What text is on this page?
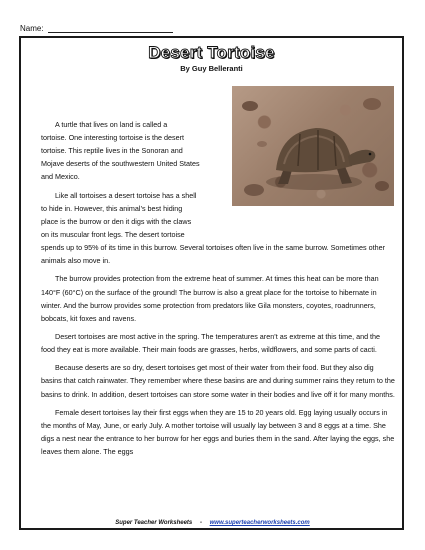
Name:
Desert Tortoise
By Guy Belleranti

A turtle that lives on land is called a
tortoise. One interesting tortoise is the desert
tortoise. This reptile lives in the Sonoran and
Mojave deserts of the southwestern United States
and Mexico.

Like all tortoises a desert tortoise has a shell
to hide in. However, this animal’s best hiding
place is the burrow or den it digs with the claws
on its muscular front legs. The desert tortoise
spends up to 95% of its time in this burrow. Several tortoises often live in the same burrow. Sometimes other animals also move in.

The burrow provides protection from the extreme heat of summer. At times this heat can be more than 140°F (60°C) on the surface of the ground! The burrow is also a great place for the tortoise to hibernate in winter. And the burrow provides some protection from predators like Gila monsters, coyotes, roadrunners, bobcats, kit foxes and ravens.

Desert tortoises are most active in the spring. The temperatures aren’t as extreme at this time, and the food they eat is more available. Their main foods are grasses, herbs, wildflowers, and some parts of cacti.

Because deserts are so dry, desert tortoises get most of their water from their food. But they also dig basins that catch rainwater. They remember where these basins are and during summer rains they return to the basins to drink. In addition, desert tortoises can store some water in their bodies and live off it for many months.

Female desert tortoises lay their first eggs when they are 15 to 20 years old. Egg laying usually occurs in the months of May, June, or early July. A mother tortoise will usually lay between 3 and 8 eggs at a time. She digs a nest near the entrance to her burrow for her eggs and buries them in the sand. After laying the eggs, she leaves them alone. The eggs

Super Teacher Worksheets - www.superteacherworksheets.com
